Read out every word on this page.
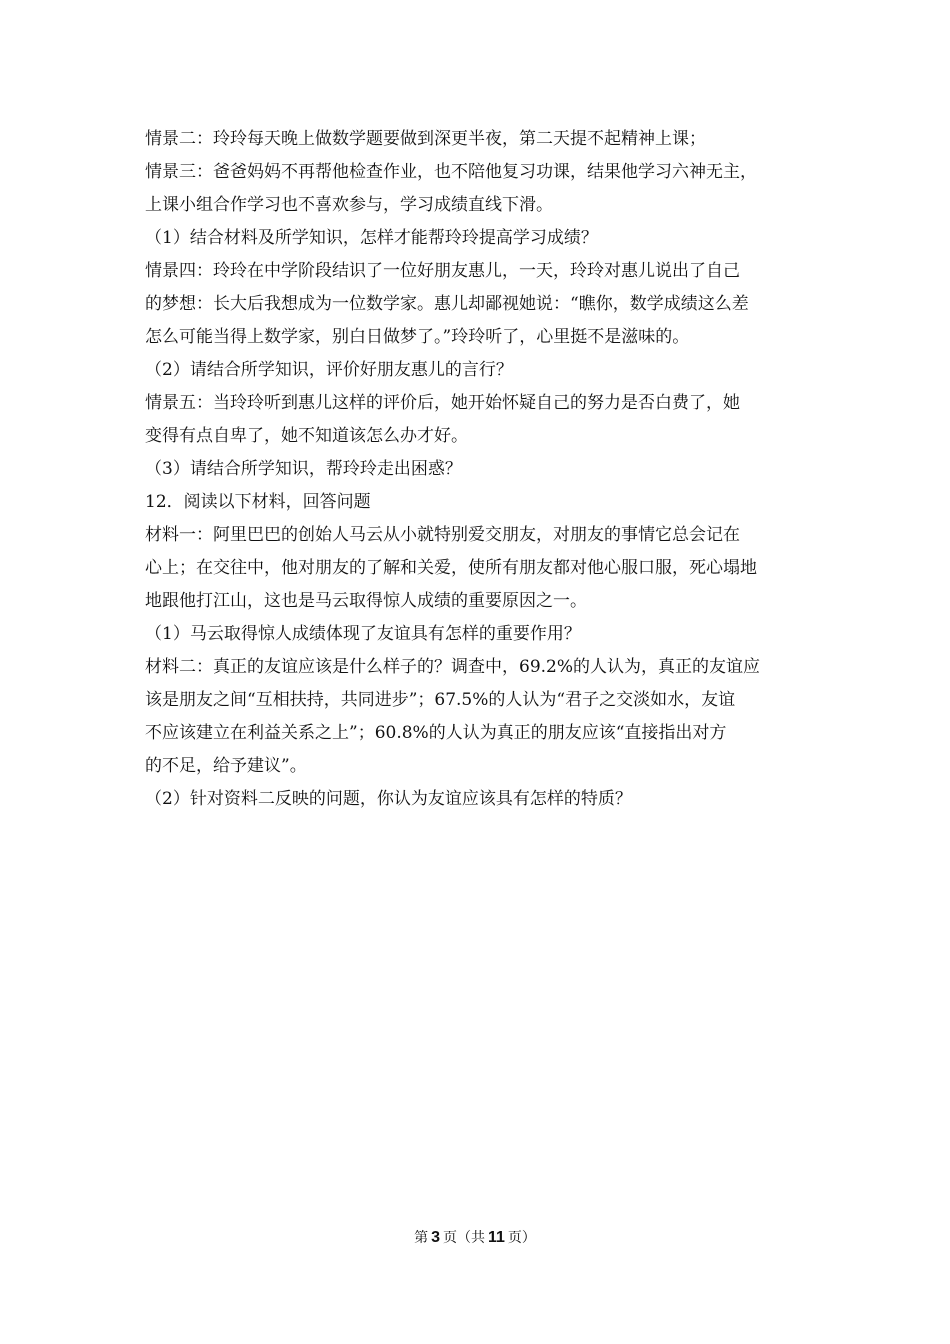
情景二：玲玲每天晚上做数学题要做到深更半夜，第二天提不起精神上课；
情景三：爸爸妈妈不再帮他检查作业，也不陪他复习功课，结果他学习六神无主，
上课小组合作学习也不喜欢参与，学习成绩直线下滑。
（1）结合材料及所学知识，怎样才能帮玲玲提高学习成绩？
情景四：玲玲在中学阶段结识了一位好朋友惠儿，一天，玲玲对惠儿说出了自己
的梦想：长大后我想成为一位数学家。惠儿却鄙视她说：“瞧你，数学成绩这么差
怎么可能当得上数学家，别白日做梦了。”玲玲听了，心里挺不是滋味的。
（2）请结合所学知识，评价好朋友惠儿的言行？
情景五：当玲玲听到惠儿这样的评价后，她开始怀疑自己的努力是否白费了，她
变得有点自卑了，她不知道该怎么办才好。
（3）请结合所学知识，帮玲玲走出困惑？
12．阅读以下材料，回答问题
材料一：阿里巴巴的创始人马云从小就特别爱交朋友，对朋友的事情它总会记在
心上；在交往中，他对朋友的了解和关爱，使所有朋友都对他心服口服，死心塌地
地跟他打江山，这也是马云取得惊人成绩的重要原因之一。
（1）马云取得惊人成绩体现了友谊具有怎样的重要作用？
材料二：真正的友谊应该是什么样子的？调查中，69.2%的人认为，真正的友谊应
该是朋友之间“互相扶持，共同进步”；67.5%的人认为“君子之交淡如水，友谊
不应该建立在利益关系之上”；60.8%的人认为真正的朋友应该“直接指出对方
的不足，给予建议”。
（2）针对资料二反映的问题，你认为友谊应该具有怎样的特质？
第 3 页（共 11 页）
